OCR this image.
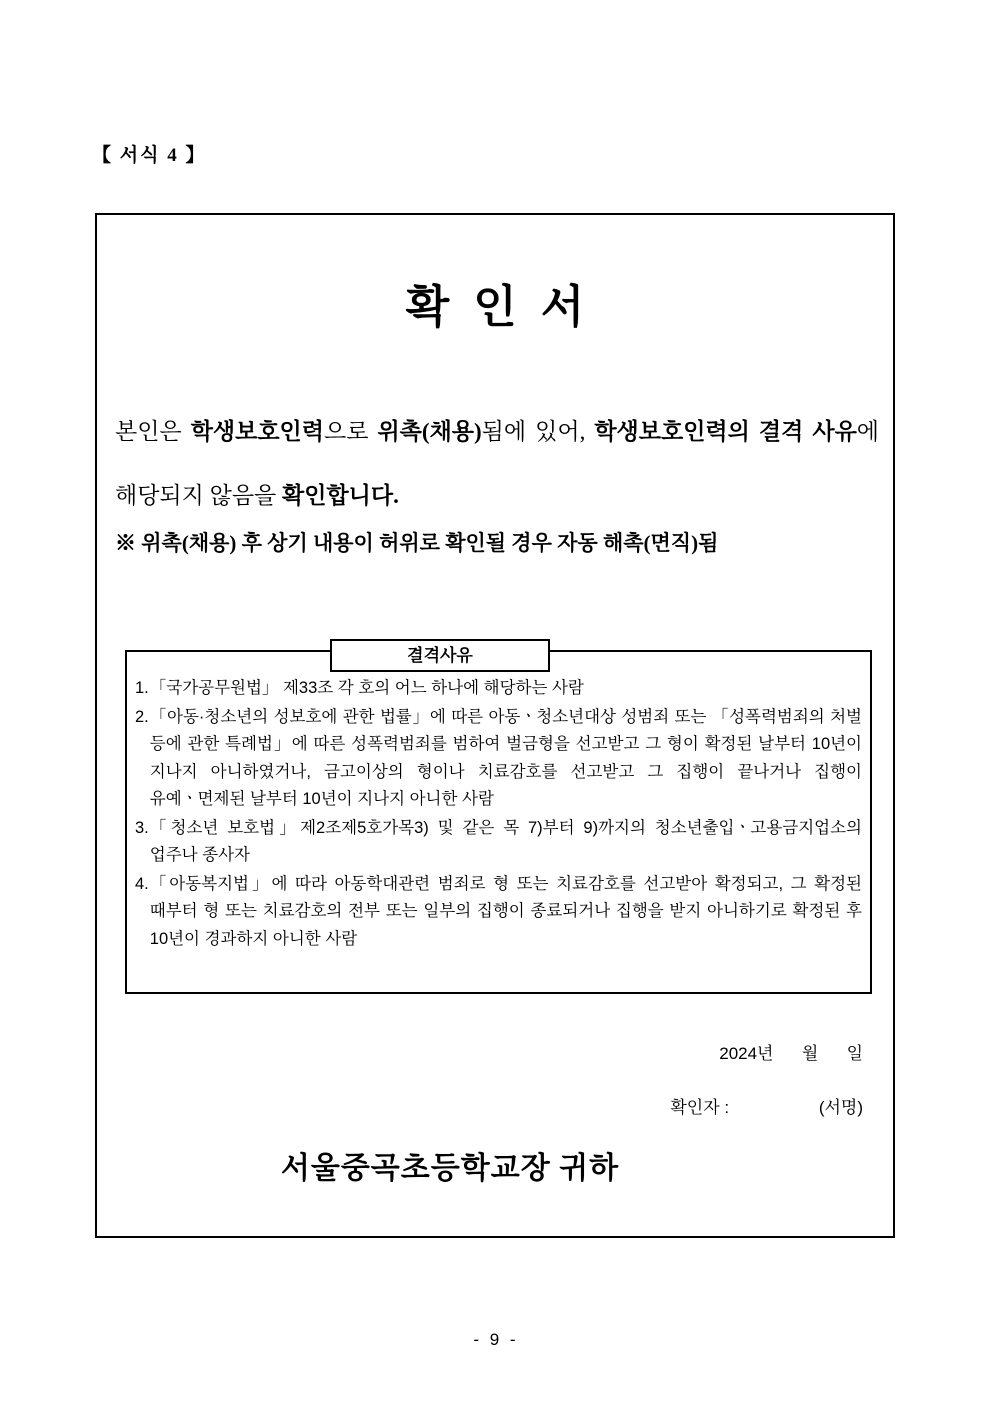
【 서식 4 】
확인서
본인은 학생보호인력으로 위촉(채용)됨에 있어, 학생보호인력의 결격 사유에 해당되지 않음을 확인합니다.
※ 위촉(채용) 후 상기 내용이 허위로 확인될 경우 자동 해촉(면직)됨
결격사유
1. 「국가공무원법」 제33조 각 호의 어느 하나에 해당하는 사람
2. 「아동·청소년의 성보호에 관한 법률」에 따른 아동ㆍ청소년대상 성범죄 또는 「성폭력범죄의 처벌 등에 관한 특례법」에 따른 성폭력범죄를 범하여 벌금형을 선고받고 그 형이 확정된 날부터 10년이 지나지 아니하였거나, 금고이상의 형이나 치료감호를 선고받고 그 집행이 끝나거나 집행이 유예ㆍ면제된 날부터 10년이 지나지 아니한 사람
3. 「청소년 보호법」제2조제5호가목3) 및 같은 목 7)부터 9)까지의 청소년출입ㆍ고용금지업소의 업주나 종사자
4. 「아동복지법」에 따라 아동학대관련 범죄로 형 또는 치료감호를 선고받아 확정되고, 그 확정된 때부터 형 또는 치료감호의 전부 또는 일부의 집행이 종료되거나 집행을 받지 아니하기로 확정된 후 10년이 경과하지 아니한 사람
2024년      월      일
확인자 :	(서명)
서울중곡초등학교장 귀하
- 9 -
